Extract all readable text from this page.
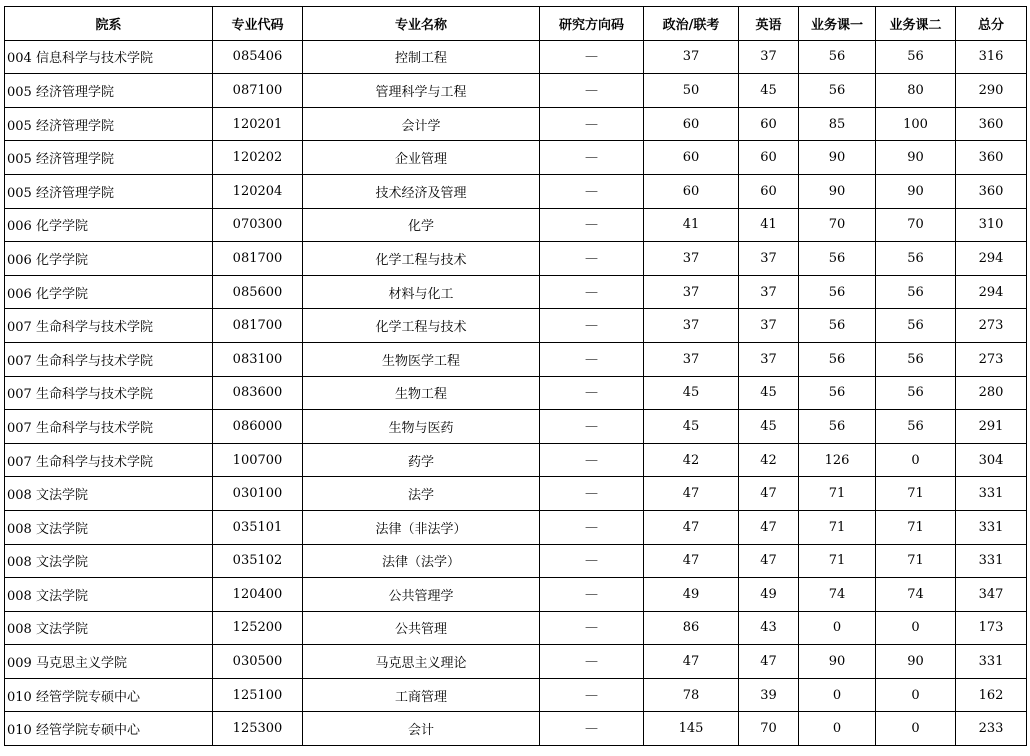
院系	专业代码	专业名称	研究方向码	政治/联考	英语	业务课一	业务课二	总分
004 信息科学与技术学院	085406	控制工程	—	37	37	56	56	316
005 经济管理学院	087100	管理科学与工程	—	50	45	56	80	290
005 经济管理学院	120201	会计学	—	60	60	85	100	360
005 经济管理学院	120202	企业管理	—	60	60	90	90	360
005 经济管理学院	120204	技术经济及管理	—	60	60	90	90	360
006 化学学院	070300	化学	—	41	41	70	70	310
006 化学学院	081700	化学工程与技术	—	37	37	56	56	294
006 化学学院	085600	材料与化工	—	37	37	56	56	294
007 生命科学与技术学院	081700	化学工程与技术	—	37	37	56	56	273
007 生命科学与技术学院	083100	生物医学工程	—	37	37	56	56	273
007 生命科学与技术学院	083600	生物工程	—	45	45	56	56	280
007 生命科学与技术学院	086000	生物与医药	—	45	45	56	56	291
007 生命科学与技术学院	100700	药学	—	42	42	126	0	304
008 文法学院	030100	法学	—	47	47	71	71	331
008 文法学院	035101	法律（非法学）	—	47	47	71	71	331
008 文法学院	035102	法律（法学）	—	47	47	71	71	331
008 文法学院	120400	公共管理学	—	49	49	74	74	347
008 文法学院	125200	公共管理	—	86	43	0	0	173
009 马克思主义学院	030500	马克思主义理论	—	47	47	90	90	331
010 经管学院专硕中心	125100	工商管理	—	78	39	0	0	162
010 经管学院专硕中心	125300	会计	—	145	70	0	0	233
